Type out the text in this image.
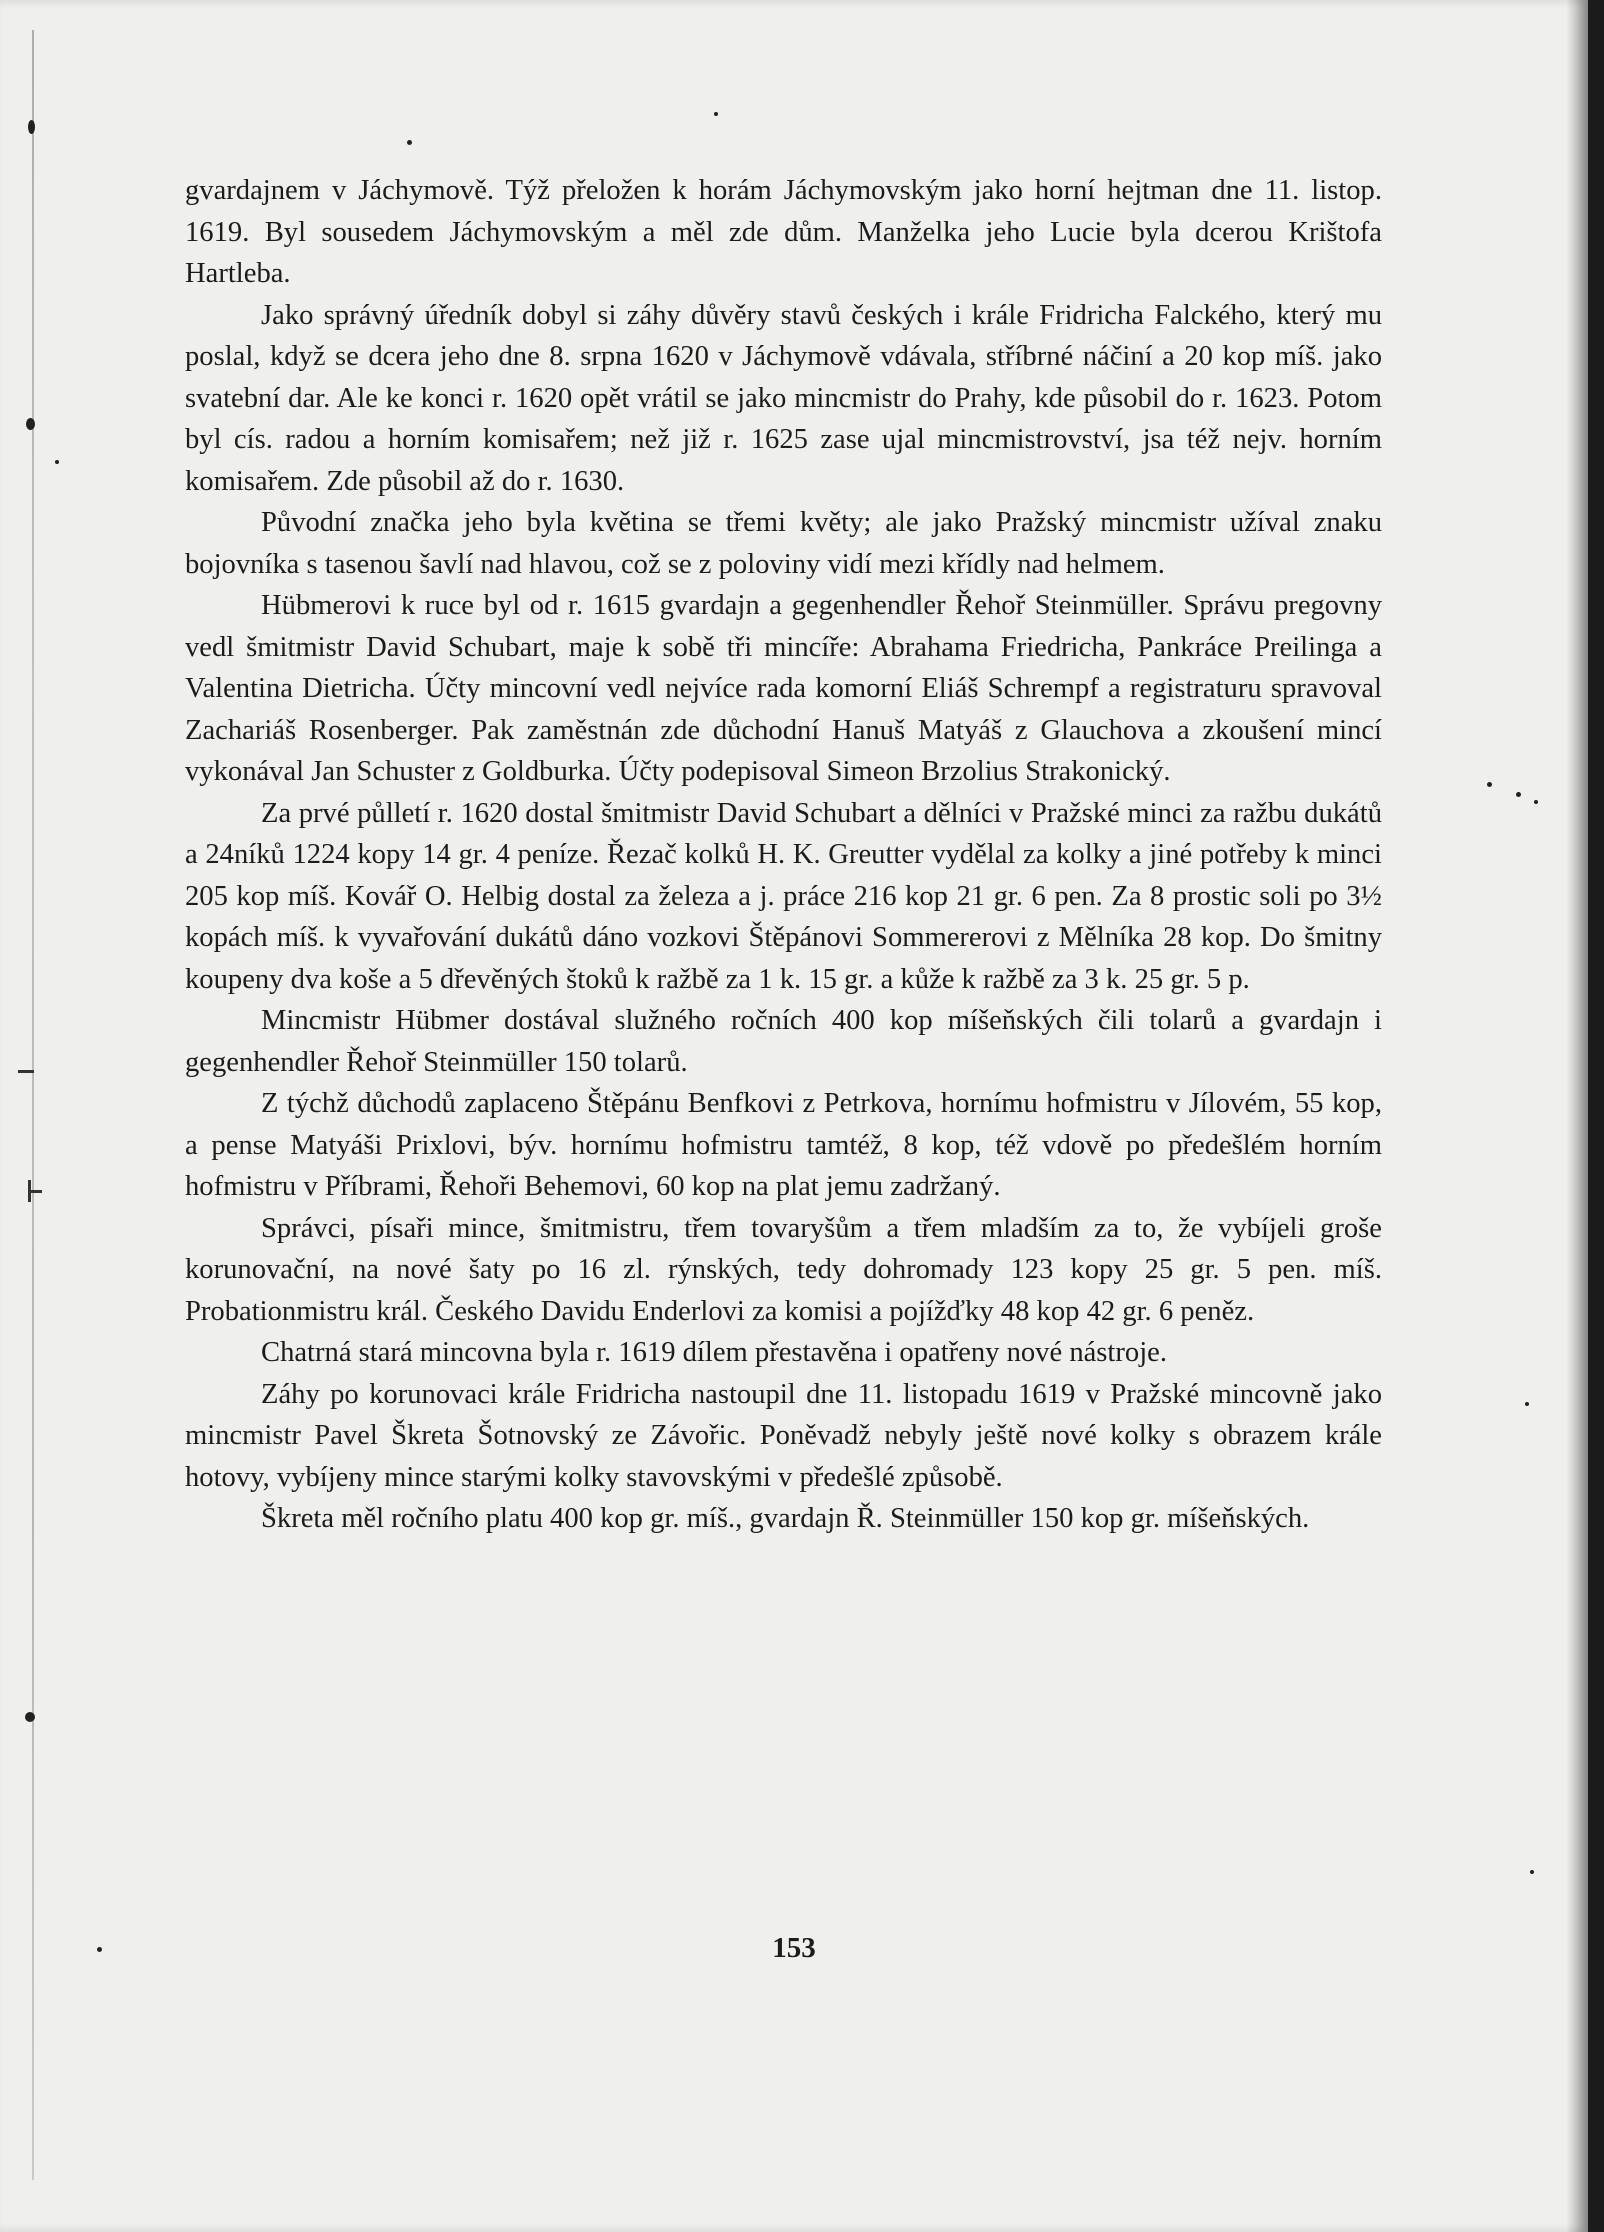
gvardajnem v Jáchymově. Týž přeložen k horám Jáchymovským jako horní hejtman dne 11. listop. 1619. Byl sousedem Jáchymovským a měl zde dům. Manželka jeho Lucie byla dcerou Krištofa Hartleba.

Jako správný úředník dobyl si záhy důvěry stavů českých i krále Fridricha Falckého, který mu poslal, když se dcera jeho dne 8. srpna 1620 v Jáchymově vdávala, stříbrné náčiní a 20 kop míš. jako svatební dar. Ale ke konci r. 1620 opět vrátil se jako mincmistr do Prahy, kde působil do r. 1623. Potom byl cís. radou a horním komisařem; než již r. 1625 zase ujal mincmistrovství, jsa též nejv. horním komisařem. Zde působil až do r. 1630.

Původní značka jeho byla květina se třemi květy; ale jako Pražský mincmistr užíval znaku bojovníka s tasenou šavlí nad hlavou, což se z poloviny vidí mezi křídly nad helmem.

Hübmerovi k ruce byl od r. 1615 gvardajn a gegenhendler Řehoř Steinmüller. Správu pregovny vedl šmitmistr David Schubart, maje k sobě tři mincíře: Abrahama Friedricha, Pankráce Preilinga a Valentina Dietricha. Účty mincovní vedl nejvíce rada komorní Eliáš Schrempf a registraturu spravoval Zachariáš Rosenberger. Pak zaměstnán zde důchodní Hanuš Matyáš z Glauchova a zkoušení mincí vykonával Jan Schuster z Goldburka. Účty podepisoval Simeon Brzolius Strakonický.

Za prvé půlletí r. 1620 dostal šmitmistr David Schubart a dělníci v Pražské minci za ražbu dukátů a 24níků 1224 kopy 14 gr. 4 peníze. Řezač kolků H. K. Greutter vydělal za kolky a jiné potřeby k minci 205 kop míš. Kovář O. Helbig dostal za železa a j. práce 216 kop 21 gr. 6 pen. Za 8 prostic soli po 3½ kopách míš. k vyvařování dukátů dáno vozkovi Štěpánovi Sommererovi z Mělníka 28 kop. Do šmitny koupeny dva koše a 5 dřevěných štoků k ražbě za 1 k. 15 gr. a kůže k ražbě za 3 k. 25 gr. 5 p.

Mincmistr Hübmer dostával služného ročních 400 kop míšeňských čili tolarů a gvardajn i gegenhendler Řehoř Steinmüller 150 tolarů.

Z týchž důchodů zaplaceno Štěpánu Benfkovi z Petrkova, hornímu hofmistru v Jílovém, 55 kop, a pense Matyáši Prixlovi, býv. hornímu hofmistru tamtéž, 8 kop, též vdově po předešlém horním hofmistru v Příbrami, Řehoři Behemovi, 60 kop na plat jemu zadržaný.

Správci, písaři mince, šmitmistru, třem tovaryšům a třem mladším za to, že vybíjeli groše korunovační, na nové šaty po 16 zl. rýnských, tedy dohromady 123 kopy 25 gr. 5 pen. míš. Probationmistru král. Českého Davidu Enderlovi za komisi a pojížďky 48 kop 42 gr. 6 peněz.

Chatrná stará mincovna byla r. 1619 dílem přestavěna i opatřeny nové nástroje.

Záhy po korunovaci krále Fridricha nastoupil dne 11. listopadu 1619 v Pražské mincovně jako mincmistr Pavel Škreta Šotnovský ze Závořic. Poněvadž nebyly ještě nové kolky s obrazem krále hotovy, vybíjeny mince starými kolky stavovskými v předešlé způsobě.

Škreta měl ročního platu 400 kop gr. míš., gvardajn Ř. Steinmüller 150 kop gr. míšeňských.

153
